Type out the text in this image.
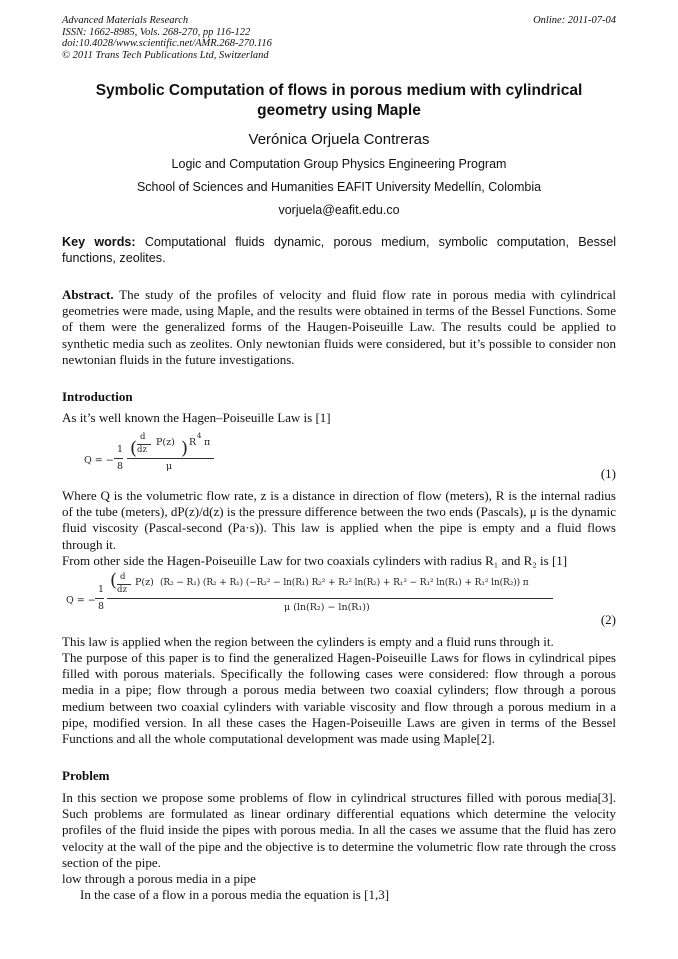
Advanced Materials Research
ISSN: 1662-8985, Vols. 268-270, pp 116-122
doi:10.4028/www.scientific.net/AMR.268-270.116
© 2011 Trans Tech Publications Ltd, Switzerland
Online: 2011-07-04
Symbolic Computation of flows in porous medium with cylindrical
geometry using Maple
Verónica Orjuela Contreras
Logic and Computation Group Physics Engineering Program
School of Sciences and Humanities EAFIT University Medellín, Colombia
vorjuela@eafit.edu.co
Key words: Computational fluids dynamic, porous medium, symbolic computation, Bessel functions, zeolites.
Abstract. The study of the profiles of velocity and fluid flow rate in porous media with cylindrical geometries were made, using Maple, and the results were obtained in terms of the Bessel Functions. Some of them were the generalized forms of the Haugen-Poiseuille Law. The results could be applied to synthetic media such as zeolites. Only newtonian fluids were considered, but it’s possible to consider non newtonian fluids in the future investigations.
Introduction
As it’s well known the Hagen–Poiseuille Law is [1]
Q = −
1
8
(
d
dz
P(z) ) R
4
π
μ	(1)
Where Q is the volumetric flow rate, z is a distance in direction of flow (meters), R is the internal radius of the tube (meters), dP(z)/d(z) is the pressure difference between the two ends (Pascals), μ is the dynamic fluid viscosity (Pascal-second (Pa·s)). This law is applied when the pipe is empty and a fluid flows through it.
From other side the Hagen-Poiseuille Law for two coaxials cylinders with radius R₁ and R₂ is [1]
Q = −
1
8
( d
dz
P(z) (R₂ − R₁) (R₂ + R₁) (−R₂² − ln(R₁) R₂² + R₂² ln(R₂) + R₁² − R₁² ln(R₁) + R₁² ln(R₂)) π
μ (ln(R₂) − ln(R₁))
(2)
This law is applied when the region between the cylinders is empty and a fluid runs through it.
The purpose of this paper is to find the generalized Hagen-Poiseuille Laws for flows in cylindrical pipes filled with porous materials. Specifically the following cases were considered: flow through a porous media in a pipe; flow through a porous media between two coaxial cylinders; flow through a porous medium between two coaxial cylinders with variable viscosity and flow through a porous medium in a pipe, modified version. In all these cases the Hagen-Poiseuille Laws are given in terms of the Bessel Functions and all the whole computational development was made using Maple[2].
Problem
In this section we propose some problems of flow in cylindrical structures filled with porous media[3]. Such problems are formulated as linear ordinary differential equations which determine the velocity profiles of the fluid inside the pipes with porous media. In all the cases we assume that the fluid has zero velocity at the wall of the pipe and the objective is to determine the volumetric flow rate through the cross section of the pipe.
low through a porous media in a pipe
In the case of a flow in a porous media the equation is [1,3]
